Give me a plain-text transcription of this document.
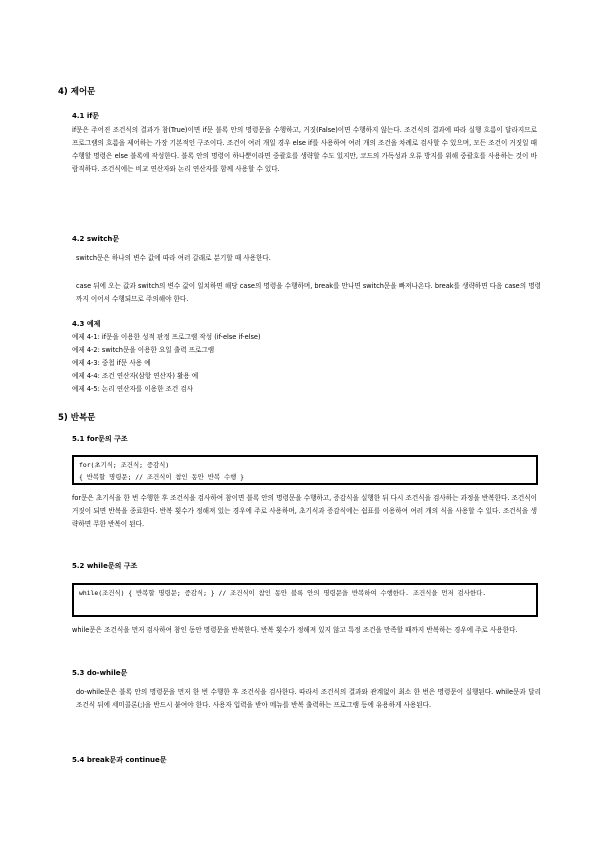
4) 제어문
4.1 if문
if문은 주어진 조건식의 결과가 참(True)이면 if문 블록 안의 명령문을 수행하고, 거짓(False)이면 수행하지 않는다. 조건식의 결과에 따라 실행 흐름이 달라지므로 프로그램의 흐름을 제어하는 가장 기본적인 구조이다. 조건이 여러 개일 경우 else if를 사용하여 여러 개의 조건을 차례로 검사할 수 있으며, 모든 조건이 거짓일 때 수행할 명령은 else 블록에 작성한다. 블록 안의 명령이 하나뿐이라면 중괄호를 생략할 수도 있지만, 코드의 가독성과 오류 방지를 위해 중괄호를 사용하는 것이 바람직하다. 조건식에는 비교 연산자와 논리 연산자를 함께 사용할 수 있다.
4.2 switch문
switch문은 하나의 변수 값에 따라 여러 갈래로 분기할 때 사용한다.
case 뒤에 오는 값과 switch의 변수 값이 일치하면 해당 case의 명령을 수행하며, break를 만나면 switch문을 빠져나온다. break를 생략하면 다음 case의 명령까지 이어서 수행되므로 주의해야 한다.
4.3 예제
예제 4-1: if문을 이용한 성적 판정 프로그램 작성 (if-else if-else)
예제 4-2: switch문을 이용한 요일 출력 프로그램
예제 4-3: 중첩 if문 사용 예
예제 4-4: 조건 연산자(삼항 연산자) 활용 예
예제 4-5: 논리 연산자를 이용한 조건 검사
5) 반복문
5.1 for문의 구조
for(초기식; 조건식; 증감식)
{ 반복할 명령문; // 조건식이 참인 동안 반복 수행 }
for문은 초기식을 한 번 수행한 후 조건식을 검사하여 참이면 블록 안의 명령문을 수행하고, 증감식을 실행한 뒤 다시 조건식을 검사하는 과정을 반복한다. 조건식이 거짓이 되면 반복을 종료한다. 반복 횟수가 정해져 있는 경우에 주로 사용하며, 초기식과 증감식에는 쉼표를 이용하여 여러 개의 식을 사용할 수 있다. 조건식을 생략하면 무한 반복이 된다.
5.2 while문의 구조
while(조건식) { 반복할 명령문; 증감식; } // 조건식이 참인 동안 블록 안의 명령문을 반복하여 수행한다. 조건식을 먼저 검사한다.
while문은 조건식을 먼저 검사하여 참인 동안 명령문을 반복한다. 반복 횟수가 정해져 있지 않고 특정 조건을 만족할 때까지 반복하는 경우에 주로 사용한다.
5.3 do-while문
do-while문은 블록 안의 명령문을 먼저 한 번 수행한 후 조건식을 검사한다. 따라서 조건식의 결과와 관계없이 최소 한 번은 명령문이 실행된다. while문과 달리 조건식 뒤에 세미콜론(;)을 반드시 붙여야 한다. 사용자 입력을 받아 메뉴를 반복 출력하는 프로그램 등에 유용하게 사용된다.
5.4 break문과 continue문
